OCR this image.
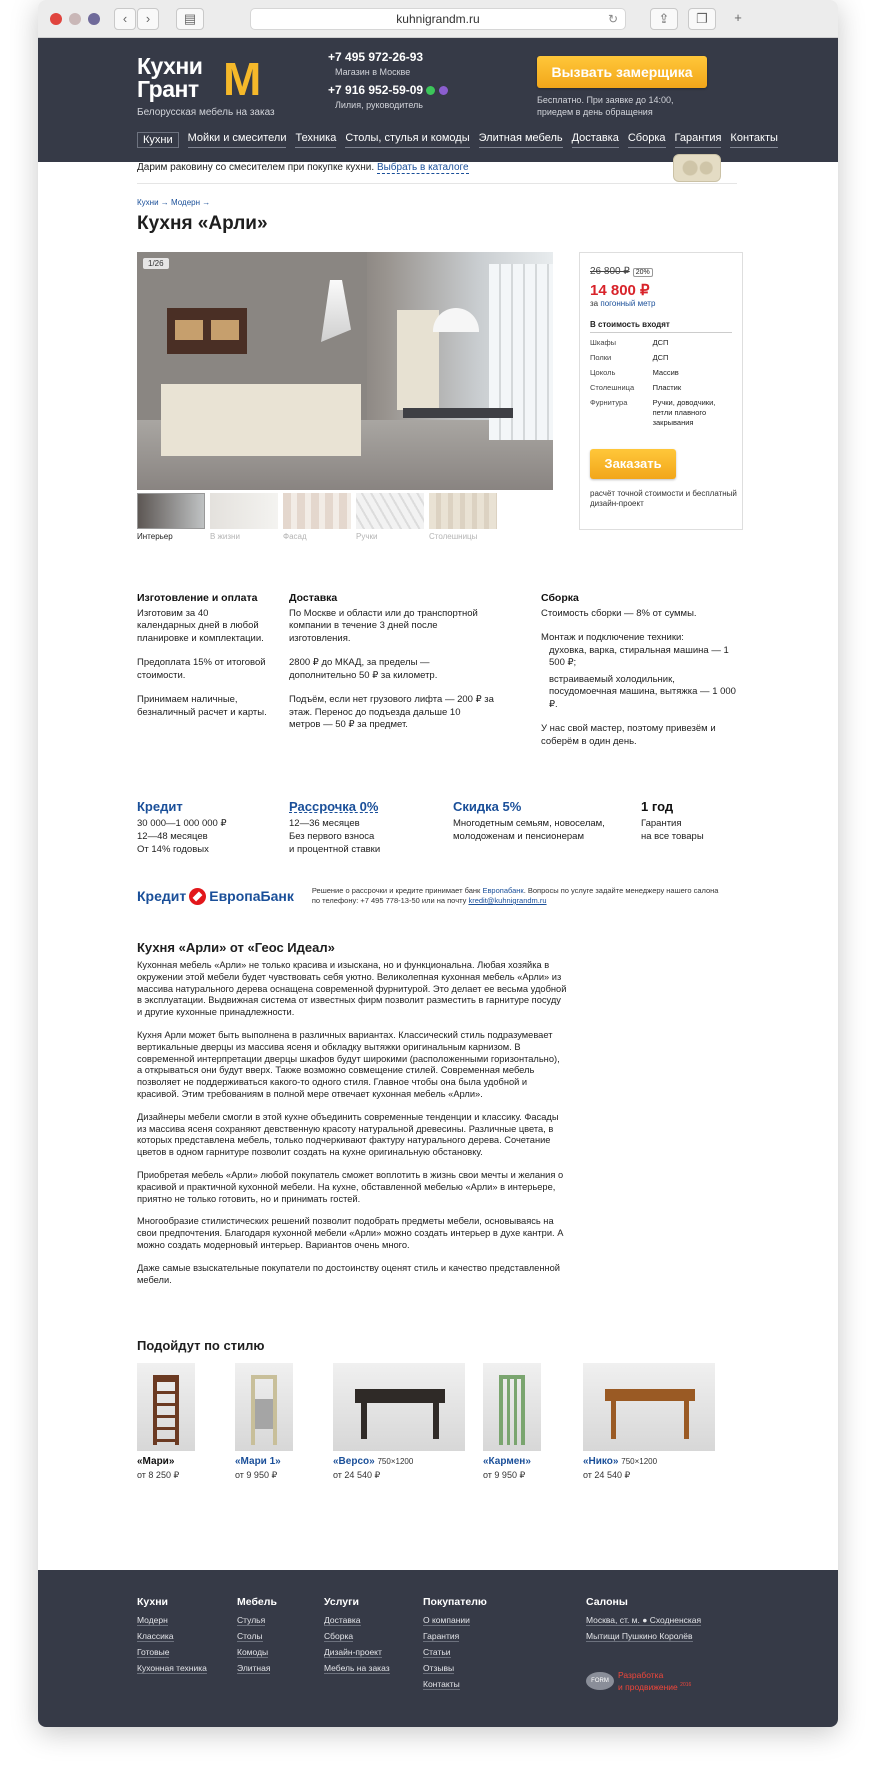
‹	›	▤	kuhnigrandm.ru	↻	⇪	❐	+
Кухни
Грант М
Белорусская мебель на заказ
+7 495 972-26-93
Магазин в Москве
+7 916 952-59-09
Лилия, руководитель
Вызвать замерщика
Бесплатно. При заявке до 14:00, приедем в день обращения
Кухни	Мойки и смесители Техника Столы, стулья и комоды Элитная мебель Доставка Сборка Гарантия Контакты
Дарим раковину со смесителем при покупке кухни. Выбрать в каталоге
Кухни → Модерн →
Кухня «Арли»
1/26
Интерьер	В жизни	Фасад	Ручки	Столешницы
26 800 ₽ 20%
14 800 ₽
за погонный метр
В стоимость входят
Шкафы	ДСП
Полки	ДСП
Цоколь	Массив
Столешница	Пластик
Фурнитура	Ручки, доводчики, петли плавного закрывания
Заказать
расчёт точной стоимости и бесплатный дизайн-проект
Изготовление и оплата

Изготовим за 40 календарных дней в любой планировке и комплектации.

Предоплата 15% от итоговой стоимости.

Принимаем наличные, безналичный расчет и карты.

Доставка

По Москве и области или до транспортной компании в течение 3 дней после изготовления.

2800 ₽ до МКАД, за пределы — дополнительно 50 ₽ за километр.

Подъём, если нет грузового лифта — 200 ₽ за этаж. Перенос до подъезда дальше 10 метров — 50 ₽ за предмет.

Сборка

Стоимость сборки — 8% от суммы.

Монтаж и подключение техники:

духовка, варка, стиральная машина — 1 500 ₽;

встраиваемый холодильник, посудомоечная машина, вытяжка — 1 000 ₽.

У нас свой мастер, поэтому привезём и соберём в один день.

Кредит
30 000—1 000 000 ₽
12—48 месяцев
От 14% годовых
Рассрочка 0%
12—36 месяцев
Без первого взноса
и процентной ставки
Скидка 5%
Многодетным семьям, новоселам,
молодоженам и пенсионерам
1 год
Гарантия
на все товары
Кредит ЕвропаБанк Решение о рассрочки и кредите принимает банк Европабанк. Вопросы по услуге задайте менеджеру нашего салона по телефону: +7 495 778-13-50 или на почту kredit@kuhnigrandm.ru
Кухня «Арли» от «Геос Идеал»

Кухонная мебель «Арли» не только красива и изыскана, но и функциональна. Любая хозяйка в окружении этой мебели будет чувствовать себя уютно. Великолепная кухонная мебель «Арли» из массива натурального дерева оснащена современной фурнитурой. Это делает ее весьма удобной в эксплуатации. Выдвижная система от известных фирм позволит разместить в гарнитуре посуду и другие кухонные принадлежности.

Кухня Арли может быть выполнена в различных вариантах. Классический стиль подразумевает вертикальные дверцы из массива ясеня и обкладку вытяжки оригинальным карнизом. В современной интерпретации дверцы шкафов будут широкими (расположенными горизонтально), а открываться они будут вверх. Также возможно совмещение стилей. Современная мебель позволяет не поддерживаться какого-то одного стиля. Главное чтобы она была удобной и красивой. Этим требованиям в полной мере отвечает кухонная мебель «Арли».

Дизайнеры мебели смогли в этой кухне объединить современные тенденции и классику. Фасады из массива ясеня сохраняют девственную красоту натуральной древесины. Различные цвета, в которых представлена мебель, только подчеркивают фактуру натурального дерева. Сочетание цветов в одном гарнитуре позволит создать на кухне оригинальную обстановку.

Приобретая мебель «Арли» любой покупатель сможет воплотить в жизнь свои мечты и желания о красивой и практичной кухонной мебели. На кухне, обставленной мебелью «Арли» в интерьере, приятно не только готовить, но и принимать гостей.

Многообразие стилистических решений позволит подобрать предметы мебели, основываясь на свои предпочтения. Благодаря кухонной мебели «Арли» можно создать интерьер в духе кантри. А можно создать модерновый интерьер. Вариантов очень много.

Даже самые взыскательные покупатели по достоинству оценят стиль и качество представленной мебели.

Подойдут по стилю
«Мари»
от 8 250 ₽
«Мари 1»
от 9 950 ₽
«Версо» 750×1200
от 24 540 ₽
«Кармен»
от 9 950 ₽
«Нико» 750×1200
от 24 540 ₽
Кухни
Модерн
Классика
Готовые
Кухонная техника
Мебель
Стулья
Столы
Комоды
Элитная
Услуги
Доставка
Сборка
Дизайн-проект
Мебель на заказ
Покупателю
О компании
Гарантия
Статьи
Отзывы
Контакты
Салоны
Москва, ст. м. ● Сходненская
Мытищи Пушкино Королёв
FORMРазработка
и продвижение $^{2016}$
